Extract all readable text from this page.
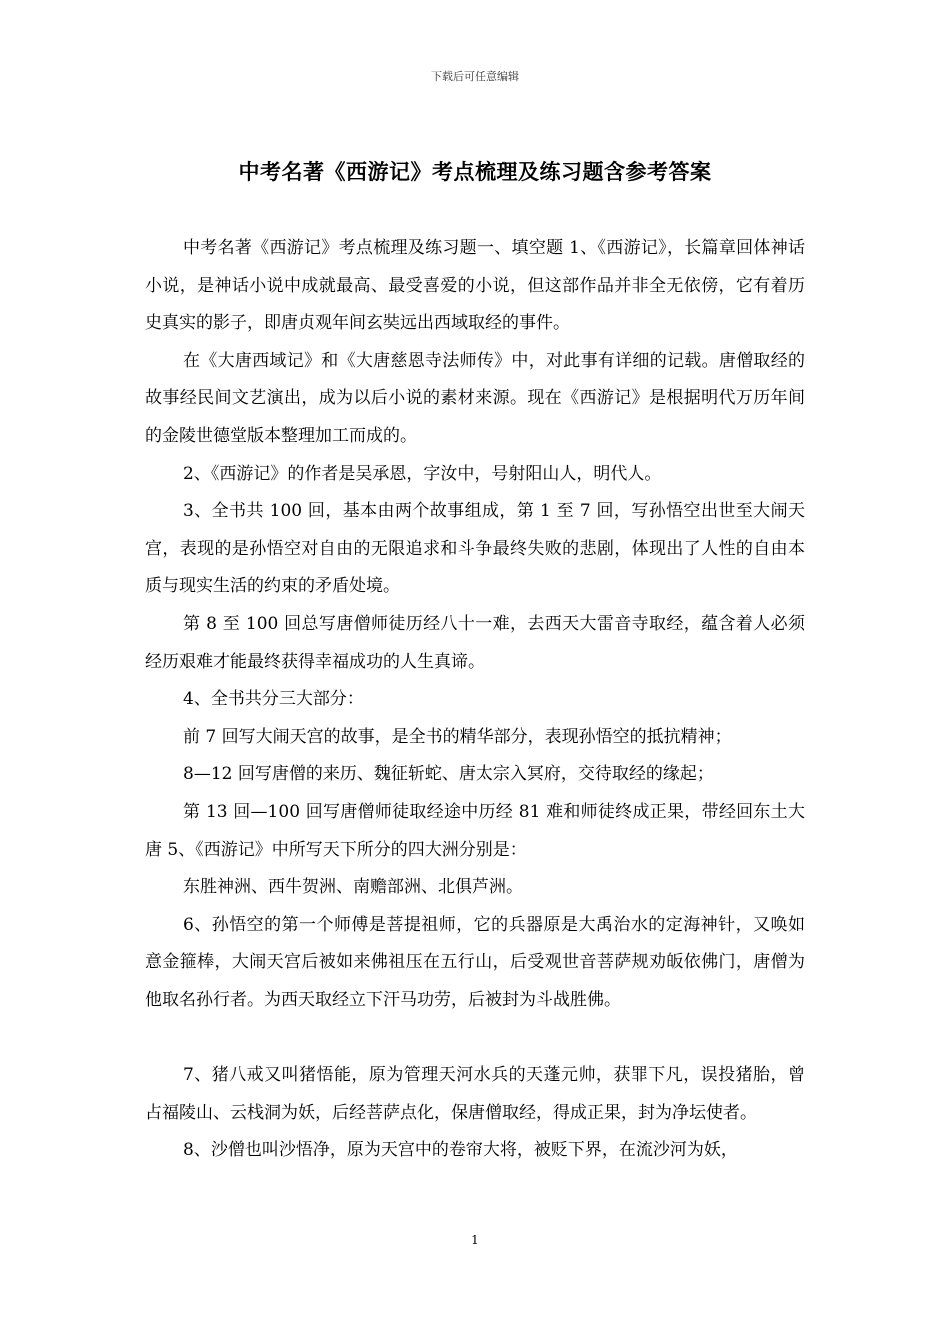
下载后可任意编辑
中考名著《西游记》考点梳理及练习题含参考答案

中考名著《西游记》考点梳理及练习题一、填空题 1、《西游记》，长篇章回体神话小说，是神话小说中成就最高、最受喜爱的小说，但这部作品并非全无依傍，它有着历史真实的影子，即唐贞观年间玄奘远出西域取经的事件。

在《大唐西域记》和《大唐慈恩寺法师传》中，对此事有详细的记载。唐僧取经的故事经民间文艺演出，成为以后小说的素材来源。现在《西游记》是根据明代万历年间的金陵世德堂版本整理加工而成的。

2、《西游记》的作者是吴承恩，字汝中，号射阳山人，明代人。

3、全书共 100 回，基本由两个故事组成，第 1 至 7 回，写孙悟空出世至大闹天宫，表现的是孙悟空对自由的无限追求和斗争最终失败的悲剧，体现出了人性的自由本质与现实生活的约束的矛盾处境。

第 8 至 100 回总写唐僧师徒历经八十一难，去西天大雷音寺取经，蕴含着人必须经历艰难才能最终获得幸福成功的人生真谛。

4、全书共分三大部分：

前 7 回写大闹天宫的故事，是全书的精华部分，表现孙悟空的抵抗精神；

8—12 回写唐僧的来历、魏征斩蛇、唐太宗入冥府，交待取经的缘起；

第 13 回—100 回写唐僧师徒取经途中历经 81 难和师徒终成正果，带经回东土大唐 5、《西游记》中所写天下所分的四大洲分别是：

东胜神洲、西牛贺洲、南赡部洲、北俱芦洲。

6、孙悟空的第一个师傅是菩提祖师，它的兵器原是大禹治水的定海神针，又唤如意金箍棒，大闹天宫后被如来佛祖压在五行山，后受观世音菩萨规劝皈依佛门，唐僧为他取名孙行者。为西天取经立下汗马功劳，后被封为斗战胜佛。

7、猪八戒又叫猪悟能，原为管理天河水兵的天蓬元帅，获罪下凡，误投猪胎，曾占福陵山、云栈洞为妖，后经菩萨点化，保唐僧取经，得成正果，封为净坛使者。

8、沙僧也叫沙悟净，原为天宫中的卷帘大将，被贬下界，在流沙河为妖，

1
